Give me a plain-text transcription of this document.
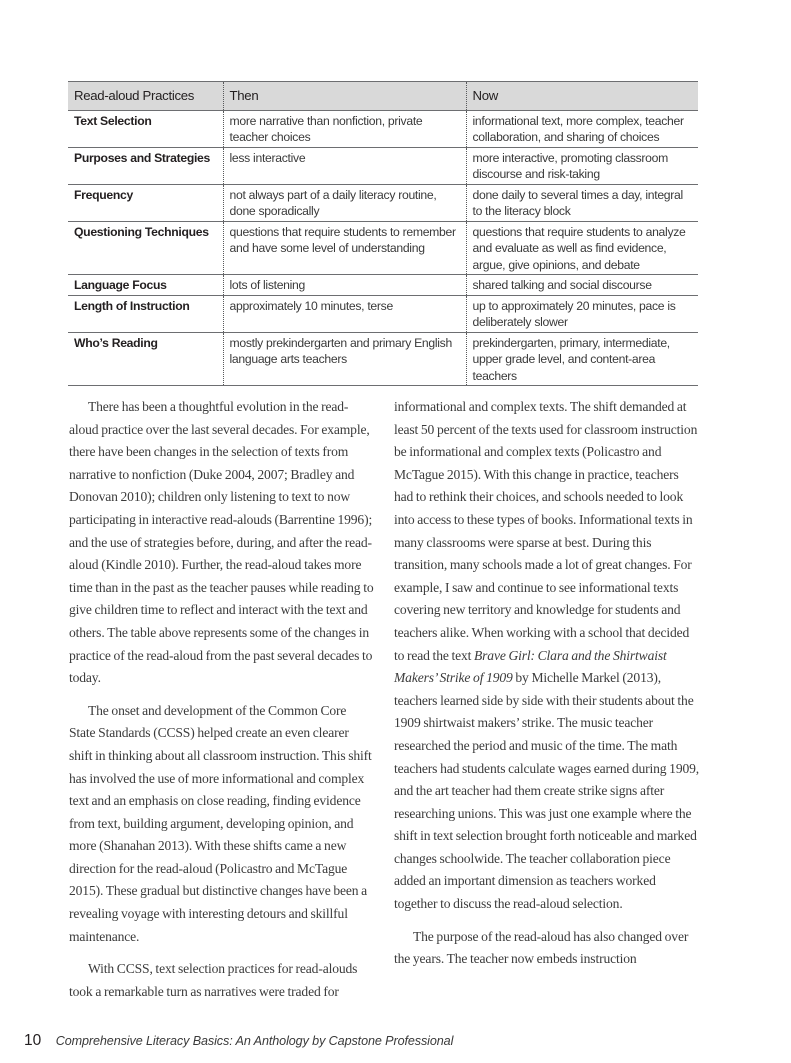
Read-aloud Practices	Then	Now
Text Selection	more narrative than nonfiction, private teacher choices	informational text, more complex, teacher collaboration, and sharing of choices
Purposes and Strategies	less interactive	more interactive, promoting classroom discourse and risk-taking
Frequency	not always part of a daily literacy routine, done sporadically	done daily to several times a day, integral to the literacy block
Questioning Techniques	questions that require students to remember and have some level of understanding	questions that require students to analyze and evaluate as well as find evidence, argue, give opinions, and debate
Language Focus	lots of listening	shared talking and social discourse
Length of Instruction	approximately 10 minutes, terse	up to approximately 20 minutes, pace is deliberately slower
Who’s Reading	mostly prekindergarten and primary English language arts teachers	prekindergarten, primary, intermediate, upper grade level, and content-area teachers

There has been a thoughtful evolution in the read-aloud practice over the last several decades. For example, there have been changes in the selection of texts from narrative to nonfiction (Duke 2004, 2007; Bradley and Donovan 2010); children only listening to text to now participating in interactive read-alouds (Barrentine 1996); and the use of strategies before, during, and after the read-aloud (Kindle 2010). Further, the read-aloud takes more time than in the past as the teacher pauses while reading to give children time to reflect and interact with the text and others. The table above represents some of the changes in practice of the read-aloud from the past several decades to today.

The onset and development of the Common Core State Standards (CCSS) helped create an even clearer shift in thinking about all classroom instruction. This shift has involved the use of more informational and complex text and an emphasis on close reading, finding evidence from text, building argument, developing opinion, and more (Shanahan 2013). With these shifts came a new direction for the read-aloud (Policastro and McTague 2015). These gradual but distinctive changes have been a revealing voyage with interesting detours and skillful maintenance.

With CCSS, text selection practices for read-alouds took a remarkable turn as narratives were traded for

informational and complex texts. The shift demanded at least 50 percent of the texts used for classroom instruction be informational and complex texts (Policastro and McTague 2015). With this change in practice, teachers had to rethink their choices, and schools needed to look into access to these types of books. Informational texts in many classrooms were sparse at best. During this transition, many schools made a lot of great changes. For example, I saw and continue to see informational texts covering new territory and knowledge for students and teachers alike. When working with a school that decided to read the text Brave Girl: Clara and the Shirtwaist Makers’ Strike of 1909 by Michelle Markel (2013), teachers learned side by side with their students about the 1909 shirtwaist makers’ strike. The music teacher researched the period and music of the time. The math teachers had students calculate wages earned during 1909, and the art teacher had them create strike signs after researching unions. This was just one example where the shift in text selection brought forth noticeable and marked changes schoolwide. The teacher collaboration piece added an important dimension as teachers worked together to discuss the read-aloud selection.

The purpose of the read-aloud has also changed over the years. The teacher now embeds instruction

10 Comprehensive Literacy Basics: An Anthology by Capstone Professional
